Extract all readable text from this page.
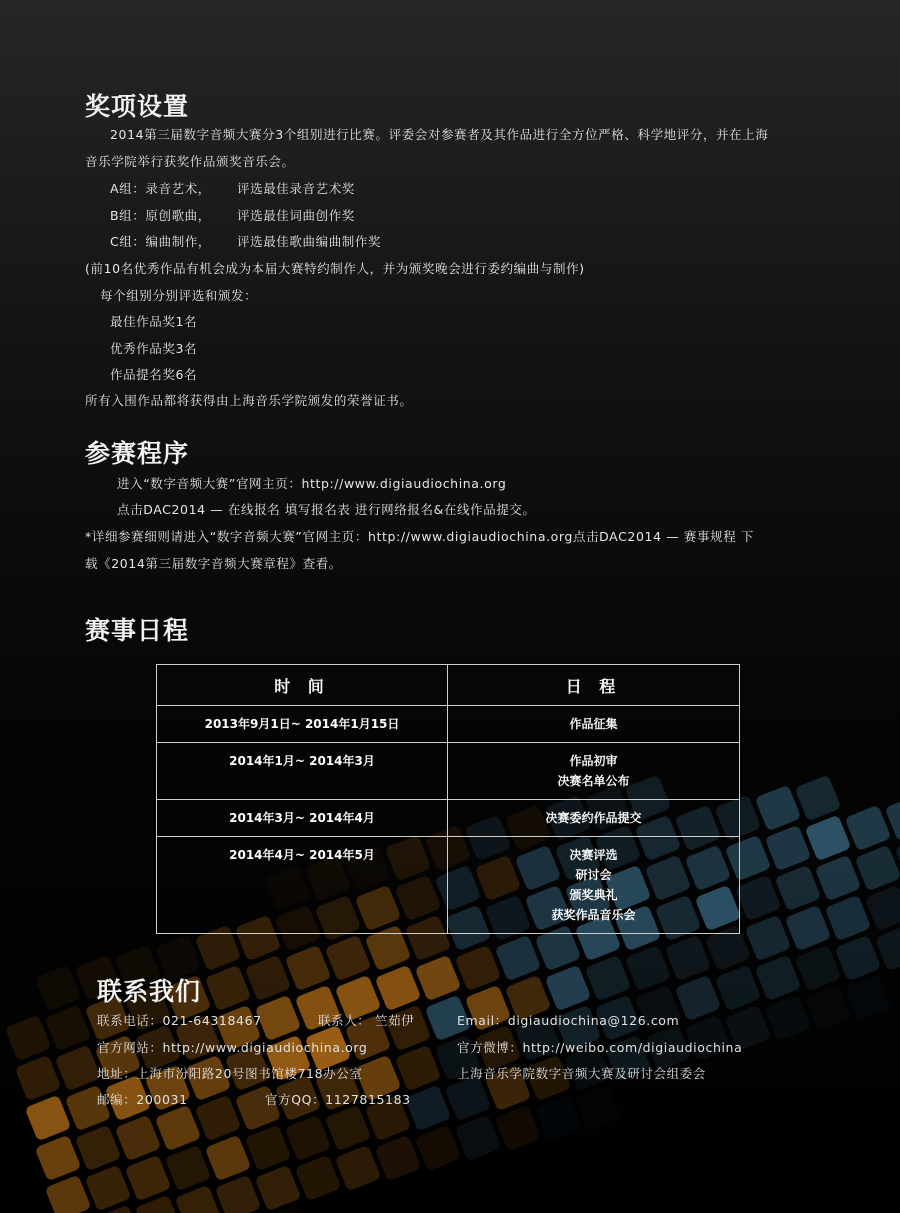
奖项设置

2014第三届数字音频大赛分3个组别进行比赛。评委会对参赛者及其作品进行全方位严格、科学地评分，并在上海

音乐学院举行获奖作品颁奖音乐会。

A组：录音艺术， 评选最佳录音艺术奖

B组：原创歌曲， 评选最佳词曲创作奖

C组：编曲制作， 评选最佳歌曲编曲制作奖

(前10名优秀作品有机会成为本届大赛特约制作人，并为颁奖晚会进行委约编曲与制作)

每个组别分别评选和颁发：

最佳作品奖1名

优秀作品奖3名

作品提名奖6名

所有入围作品都将获得由上海音乐学院颁发的荣誉证书。

参赛程序

进入“数字音频大赛”官网主页：http://www.digiaudiochina.org

点击DAC2014 — 在线报名 填写报名表 进行网络报名&在线作品提交。

*详细参赛细则请进入“数字音频大赛”官网主页：http://www.digiaudiochina.org点击DAC2014 — 赛事规程 下

载《2014第三届数字音频大赛章程》查看。

赛事日程
时 间	日 程
2013年9月1日~ 2014年1月15日	作品征集

2014年1月~ 2014年3月	作品初审
决赛名单公布

2014年3月~ 2014年4月	决赛委约作品提交

2014年4月~ 2014年5月	决赛评选
研讨会
颁奖典礼
获奖作品音乐会
联系我们

联系电话：021-64318467	联系人： 竺茹伊	Email：digiaudiochina@126.com

官方网站：http://www.digiaudiochina.org	官方微博：http://weibo.com/digiaudiochina

地址：上海市汾阳路20号图书馆楼718办公室	上海音乐学院数字音频大赛及研讨会组委会

邮编：200031	官方QQ：1127815183
